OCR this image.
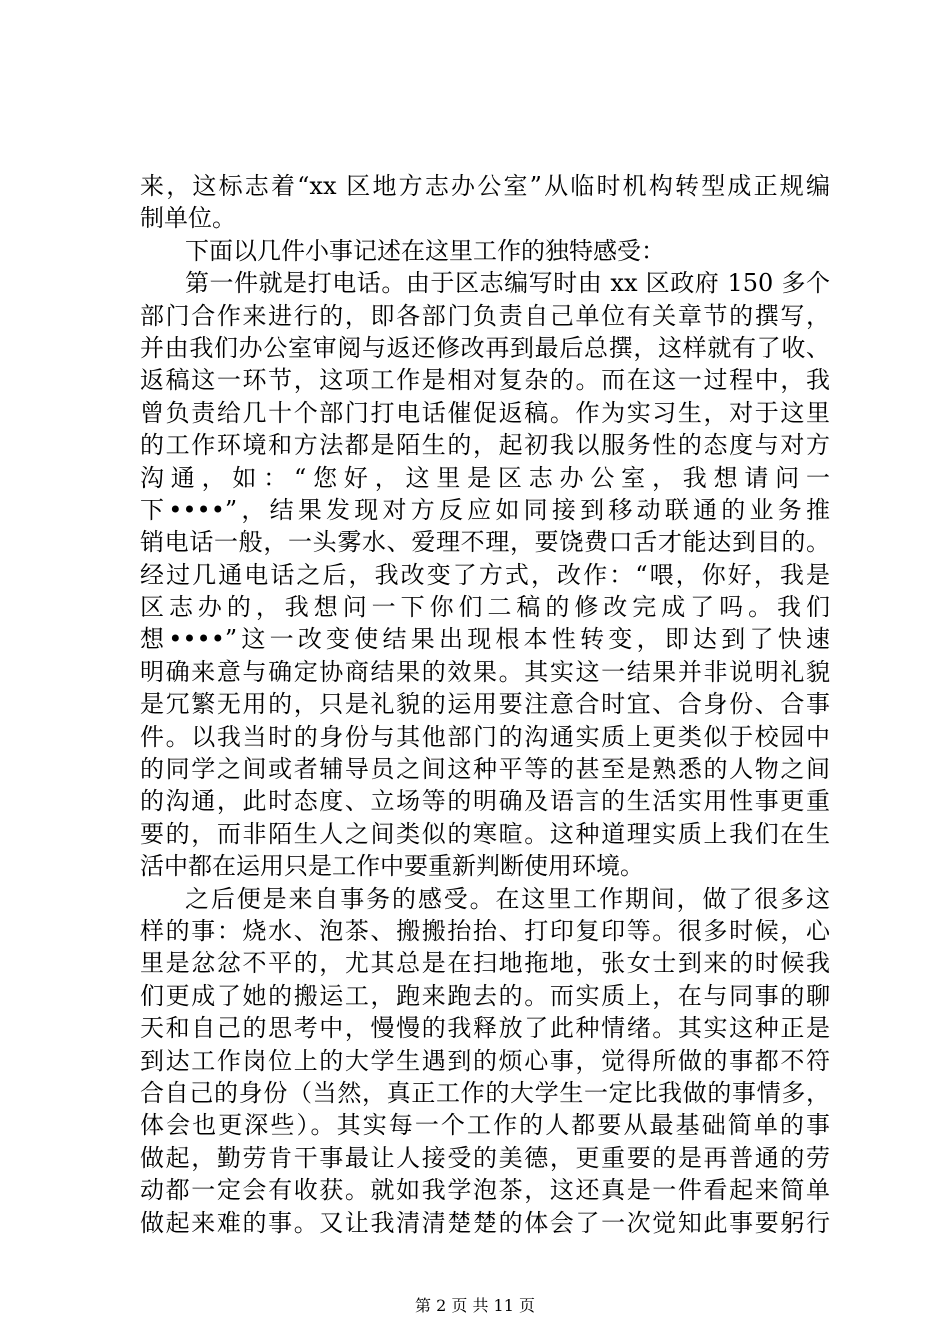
来，这标志着“xx 区地方志办公室”从临时机构转型成正规编
制单位。
下面以几件小事记述在这里工作的独特感受：
第一件就是打电话。由于区志编写时由 xx 区政府 150 多个
部门合作来进行的，即各部门负责自己单位有关章节的撰写，
并由我们办公室审阅与返还修改再到最后总撰，这样就有了收、
返稿这一环节，这项工作是相对复杂的。而在这一过程中，我
曾负责给几十个部门打电话催促返稿。作为实习生，对于这里
的工作环境和方法都是陌生的，起初我以服务性的态度与对方
沟通，如：“您好，这里是区志办公室，我想请问一
下••••”，结果发现对方反应如同接到移动联通的业务推
销电话一般，一头雾水、爱理不理，要饶费口舌才能达到目的。
经过几通电话之后，我改变了方式，改作：“喂，你好，我是
区志办的，我想问一下你们二稿的修改完成了吗。我们
想••••”这一改变使结果出现根本性转变，即达到了快速
明确来意与确定协商结果的效果。其实这一结果并非说明礼貌
是冗繁无用的，只是礼貌的运用要注意合时宜、合身份、合事
件。以我当时的身份与其他部门的沟通实质上更类似于校园中
的同学之间或者辅导员之间这种平等的甚至是熟悉的人物之间
的沟通，此时态度、立场等的明确及语言的生活实用性事更重
要的，而非陌生人之间类似的寒暄。这种道理实质上我们在生
活中都在运用只是工作中要重新判断使用环境。
之后便是来自事务的感受。在这里工作期间，做了很多这
样的事：烧水、泡茶、搬搬抬抬、打印复印等。很多时候，心
里是忿忿不平的，尤其总是在扫地拖地，张女士到来的时候我
们更成了她的搬运工，跑来跑去的。而实质上，在与同事的聊
天和自己的思考中，慢慢的我释放了此种情绪。其实这种正是
到达工作岗位上的大学生遇到的烦心事，觉得所做的事都不符
合自己的身份（当然，真正工作的大学生一定比我做的事情多，
体会也更深些）。其实每一个工作的人都要从最基础简单的事
做起，勤劳肯干事最让人接受的美德，更重要的是再普通的劳
动都一定会有收获。就如我学泡茶，这还真是一件看起来简单
做起来难的事。又让我清清楚楚的体会了一次觉知此事要躬行
第 2 页 共 11 页
